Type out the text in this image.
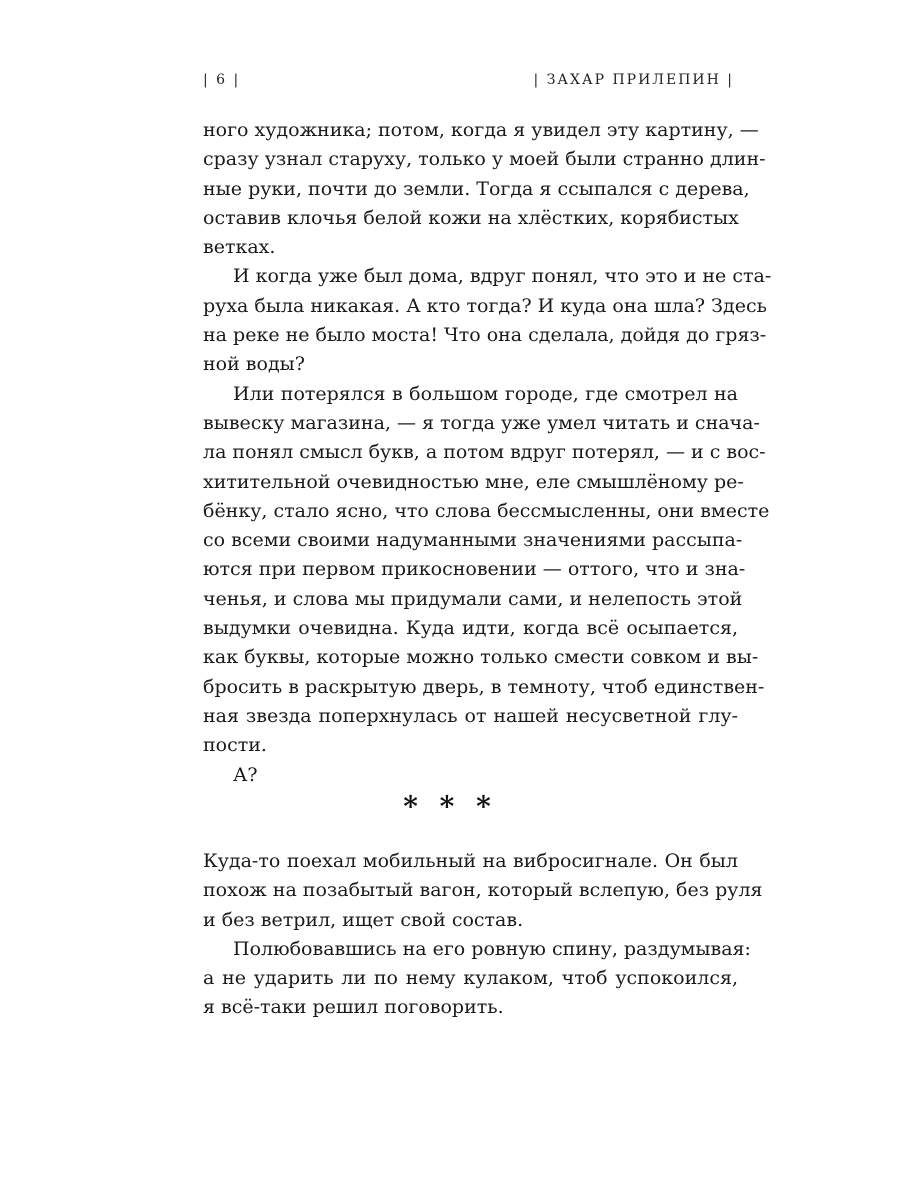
| 6 |	| ЗАХАР ПРИЛЕПИН |
ного художника; потом, когда я увидел эту картину, —
сразу узнал старуху, только у моей были странно длин-
ные руки, почти до земли. Тогда я ссыпался с дерева,
оставив клочья белой кожи на хлёстких, корябистых
ветках.
И когда уже был дома, вдруг понял, что это и не ста-
руха была никакая. А кто тогда? И куда она шла? Здесь
на реке не было моста! Что она сделала, дойдя до гряз-
ной воды?
Или потерялся в большом городе, где смотрел на
вывеску магазина, — я тогда уже умел читать и снача-
ла понял смысл букв, а потом вдруг потерял, — и с вос-
хитительной очевидностью мне, еле смышлёному ре-
бёнку, стало ясно, что слова бессмысленны, они вместе
со всеми своими надуманными значениями рассыпа-
ются при первом прикосновении — оттого, что и зна-
ченья, и слова мы придумали сами, и нелепость этой
выдумки очевидна. Куда идти, когда всё осыпается,
как буквы, которые можно только смести совком и вы-
бросить в раскрытую дверь, в темноту, чтоб единствен-
ная звезда поперхнулась от нашей несусветной глу-
пости.
А?
* * *
Куда-то поехал мобильный на вибросигнале. Он был
похож на позабытый вагон, который вслепую, без руля
и без ветрил, ищет свой состав.
Полюбовавшись на его ровную спину, раздумывая:
а не ударить ли по нему кулаком, чтоб успокоился,
я всё-таки решил поговорить.
